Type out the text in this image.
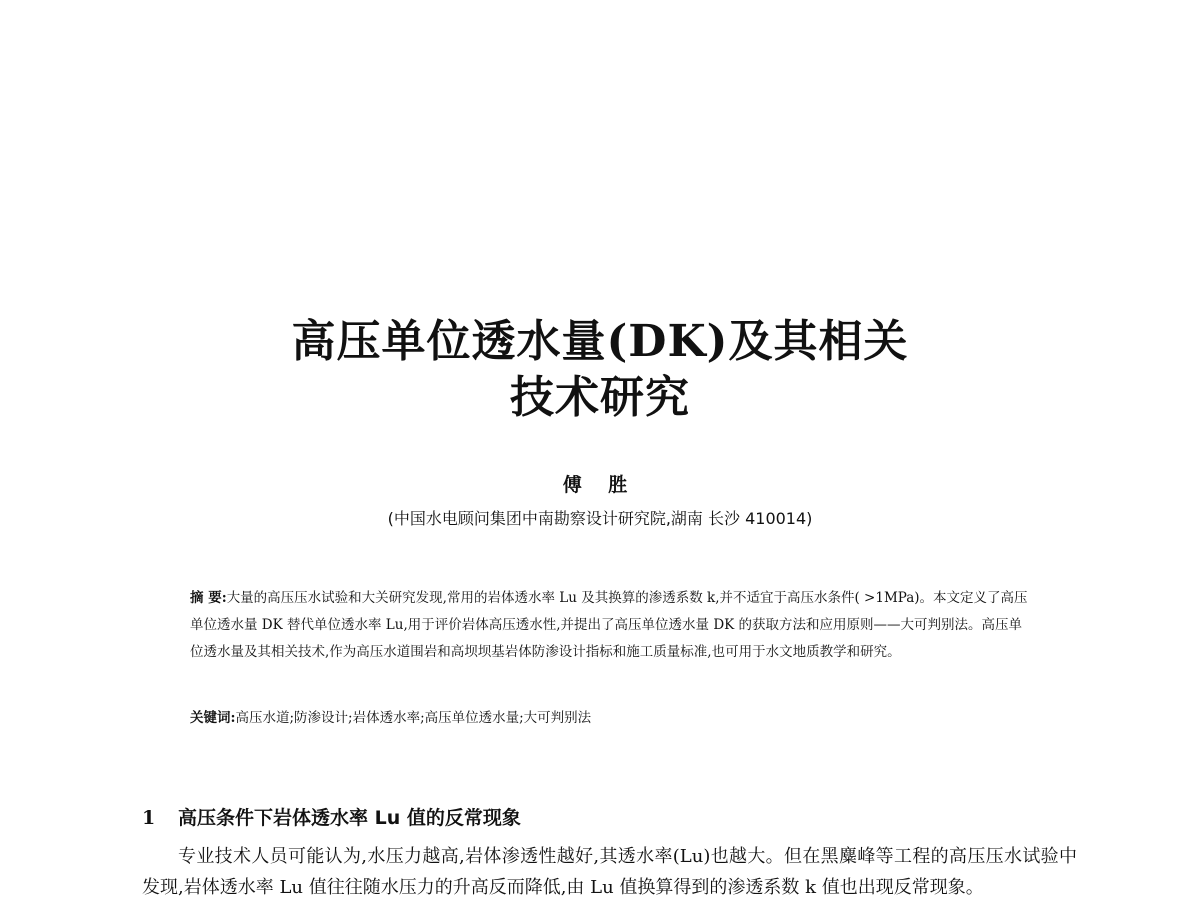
高压单位透水量(DK)及其相关
技术研究
傅 胜
(中国水电顾问集团中南勘察设计研究院,湖南 长沙 410014)
摘 要:大量的高压压水试验和大关研究发现,常用的岩体透水率 Lu 及其换算的渗透系数 k,并不适宜于高压水条件( >1MPa)。本文定义了高压单位透水量 DK 替代单位透水率 Lu,用于评价岩体高压透水性,并提出了高压单位透水量 DK 的获取方法和应用原则——大可判别法。高压单位透水量及其相关技术,作为高压水道围岩和高坝坝基岩体防渗设计指标和施工质量标准,也可用于水文地质教学和研究。
关键词:高压水道;防渗设计;岩体透水率;高压单位透水量;大可判别法
1 高压条件下岩体透水率 Lu 值的反常现象
专业技术人员可能认为,水压力越高,岩体渗透性越好,其透水率(Lu)也越大。但在黑麋峰等工程的高压压水试验中发现,岩体透水率 Lu 值往往随水压力的升高反而降低,由 Lu 值换算得到的渗透系数 k 值也出现反常现象。
